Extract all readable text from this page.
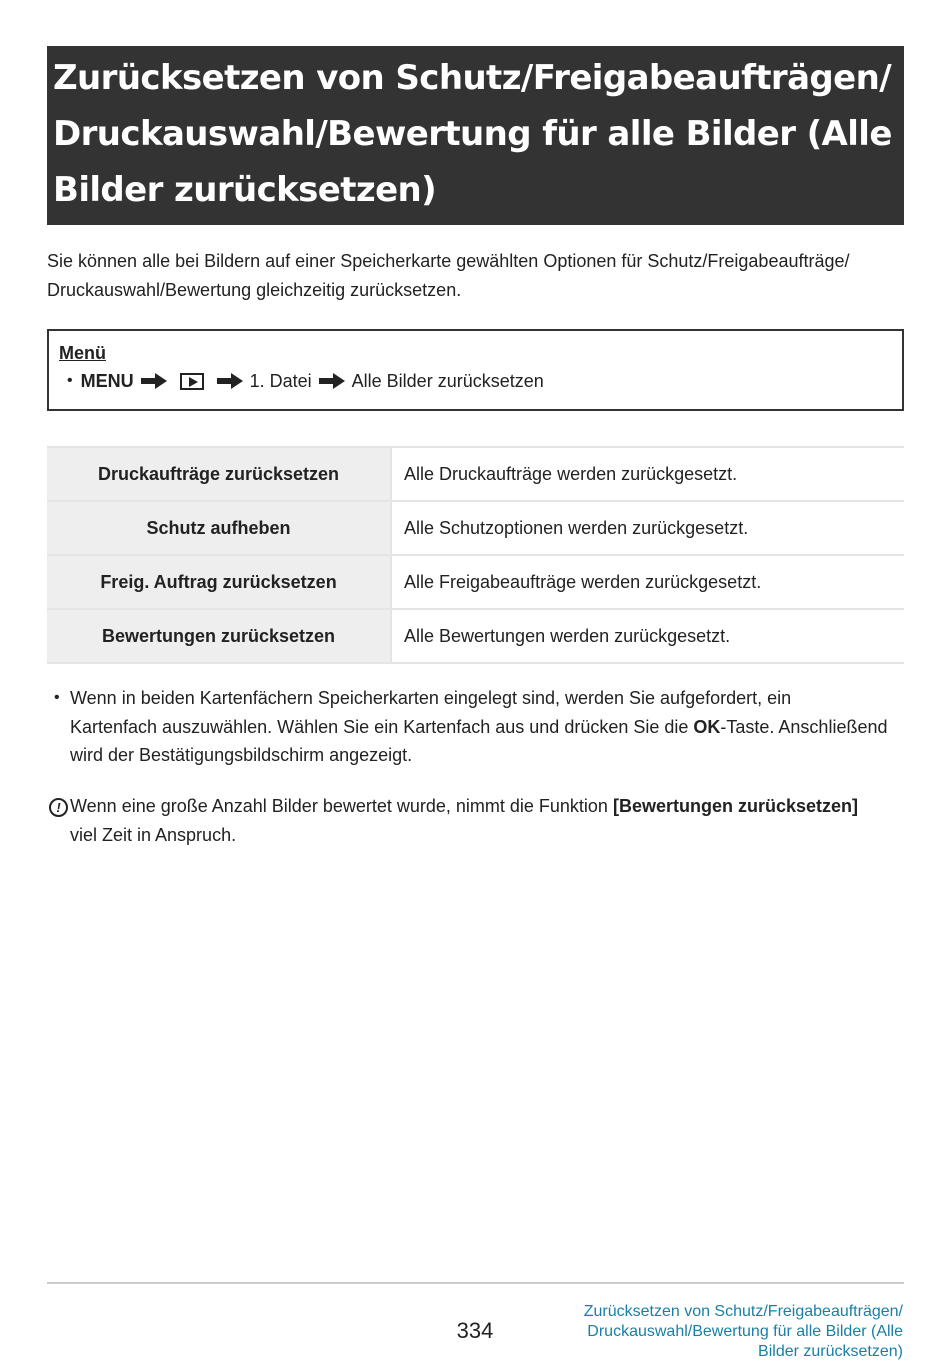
Zurücksetzen von Schutz/Freigabeaufträgen/
Druckauswahl/Bewertung für alle Bilder (Alle
Bilder zurücksetzen)

Sie können alle bei Bildern auf einer Speicherkarte gewählten Optionen für Schutz/Freigabeaufträge/
Druckauswahl/Bewertung gleichzeitig zurücksetzen.

Menü
• MENU	1. Datei Alle Bilder zurücksetzen
Druckaufträge zurücksetzen	Alle Druckaufträge werden zurückgesetzt.
Schutz aufheben	Alle Schutzoptionen werden zurückgesetzt.
Freig. Auftrag zurücksetzen	Alle Freigabeaufträge werden zurückgesetzt.
Bewertungen zurücksetzen	Alle Bewertungen werden zurückgesetzt.
• Wenn in beiden Kartenfächern Speicherkarten eingelegt sind, werden Sie aufgefordert, ein
Kartenfach auszuwählen. Wählen Sie ein Kartenfach aus und drücken Sie die OK-Taste. Anschließend
wird der Bestätigungsbildschirm angezeigt.
! Wenn eine große Anzahl Bilder bewertet wurde, nimmt die Funktion [Bewertungen zurücksetzen]
viel Zeit in Anspruch.
334
Zurücksetzen von Schutz/Freigabeaufträgen/
Druckauswahl/Bewertung für alle Bilder (Alle
Bilder zurücksetzen)
